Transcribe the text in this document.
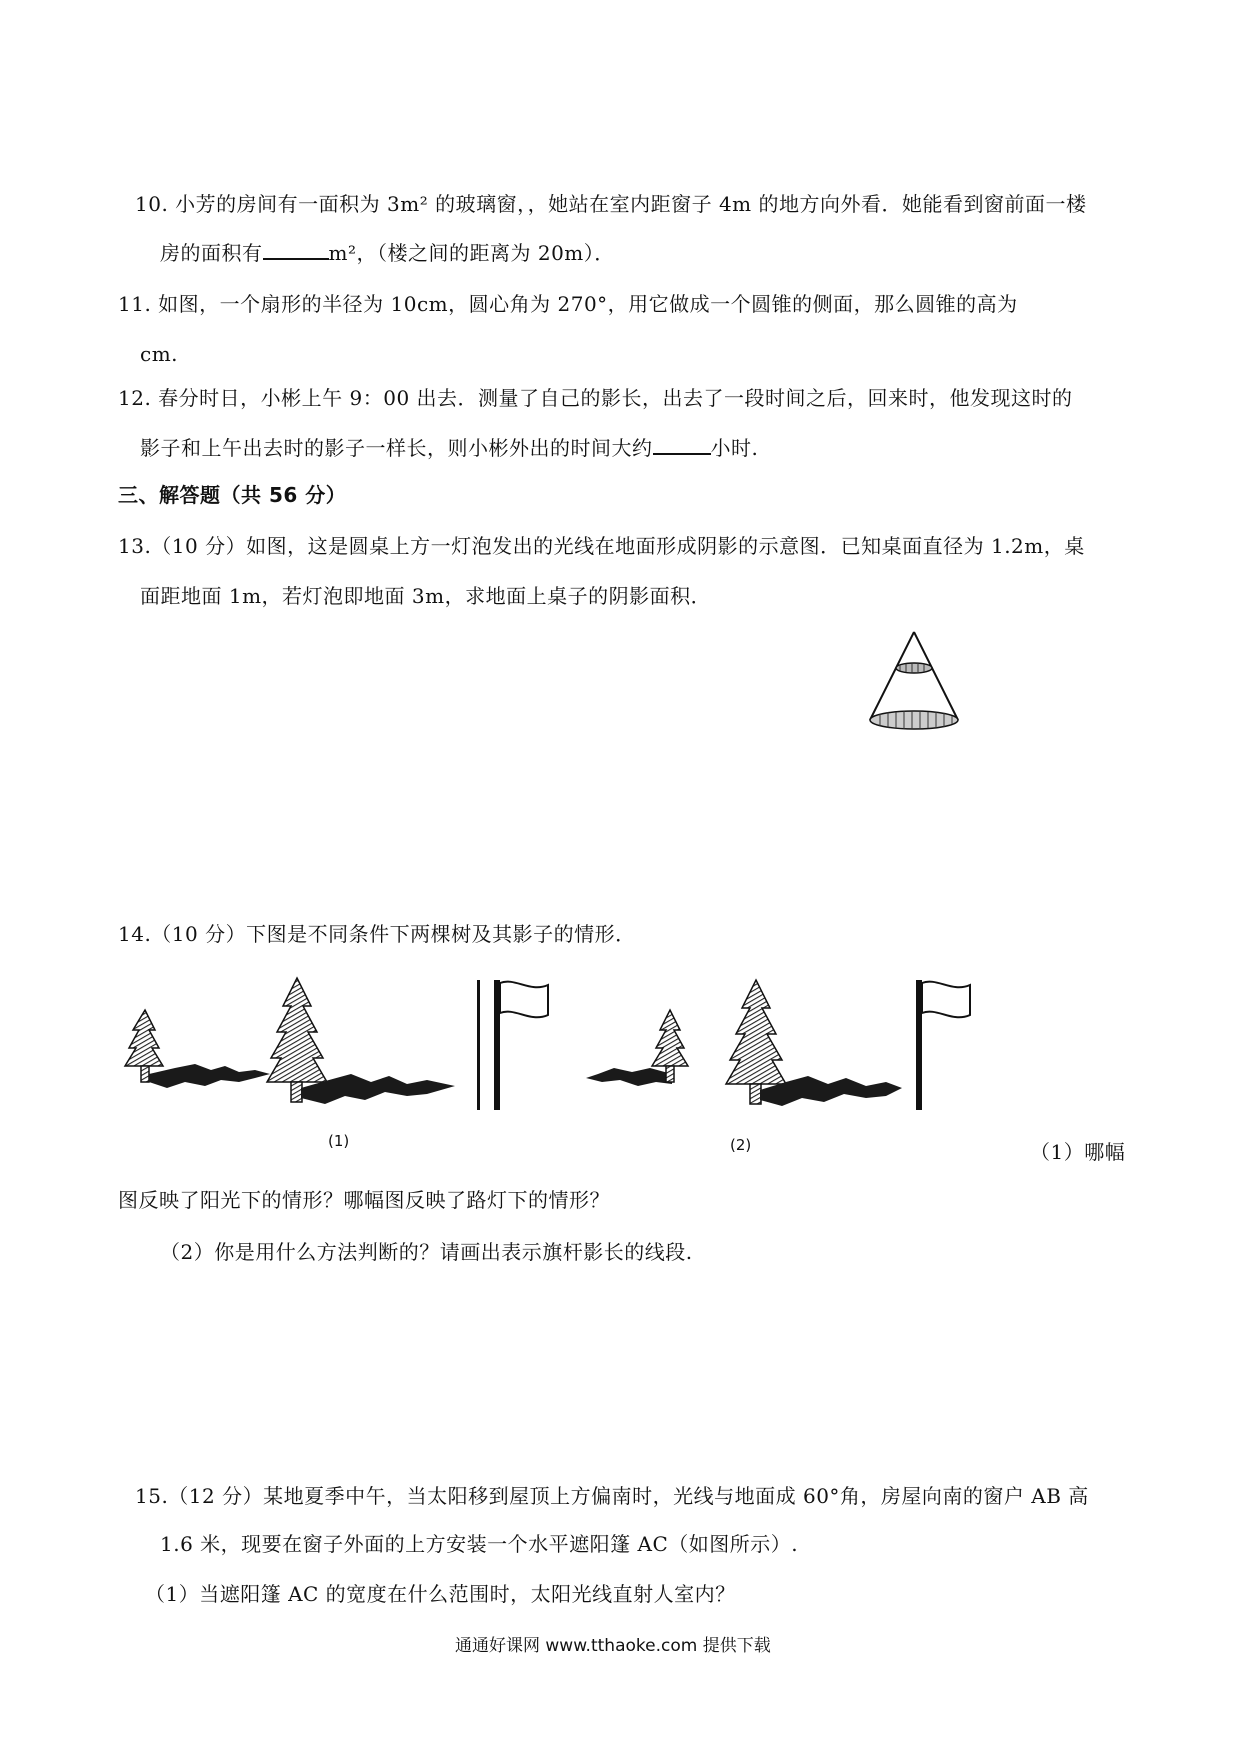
10. 小芳的房间有一面积为 3m² 的玻璃窗，，她站在室内距窗子 4m 的地方向外看．她能看到窗前面一楼
房的面积有	m²，（楼之间的距离为 20m）．
11. 如图，一个扇形的半径为 10cm，圆心角为 270°，用它做成一个圆锥的侧面，那么圆锥的高为
cm.
12. 春分时日，小彬上午 9：00 出去．测量了自己的影长，出去了一段时间之后，回来时，他发现这时的
影子和上午出去时的影子一样长，则小彬外出的时间大约	小时.
三、解答题（共 56 分）
13.（10 分）如图，这是圆桌上方一灯泡发出的光线在地面形成阴影的示意图．已知桌面直径为 1.2m，桌
面距地面 1m，若灯泡即地面 3m，求地面上桌子的阴影面积．
14.（10 分）下图是不同条件下两棵树及其影子的情形．
(1)	(2)	（1）哪幅
图反映了阳光下的情形？哪幅图反映了路灯下的情形？
（2）你是用什么方法判断的？请画出表示旗杆影长的线段.
15.（12 分）某地夏季中午，当太阳移到屋顶上方偏南时，光线与地面成 60°角，房屋向南的窗户 AB 高
1.6 米，现要在窗子外面的上方安装一个水平遮阳篷 AC（如图所示）.
（1）当遮阳篷 AC 的宽度在什么范围时，太阳光线直射人室内？
通通好课网 www.tthaoke.com 提供下载
